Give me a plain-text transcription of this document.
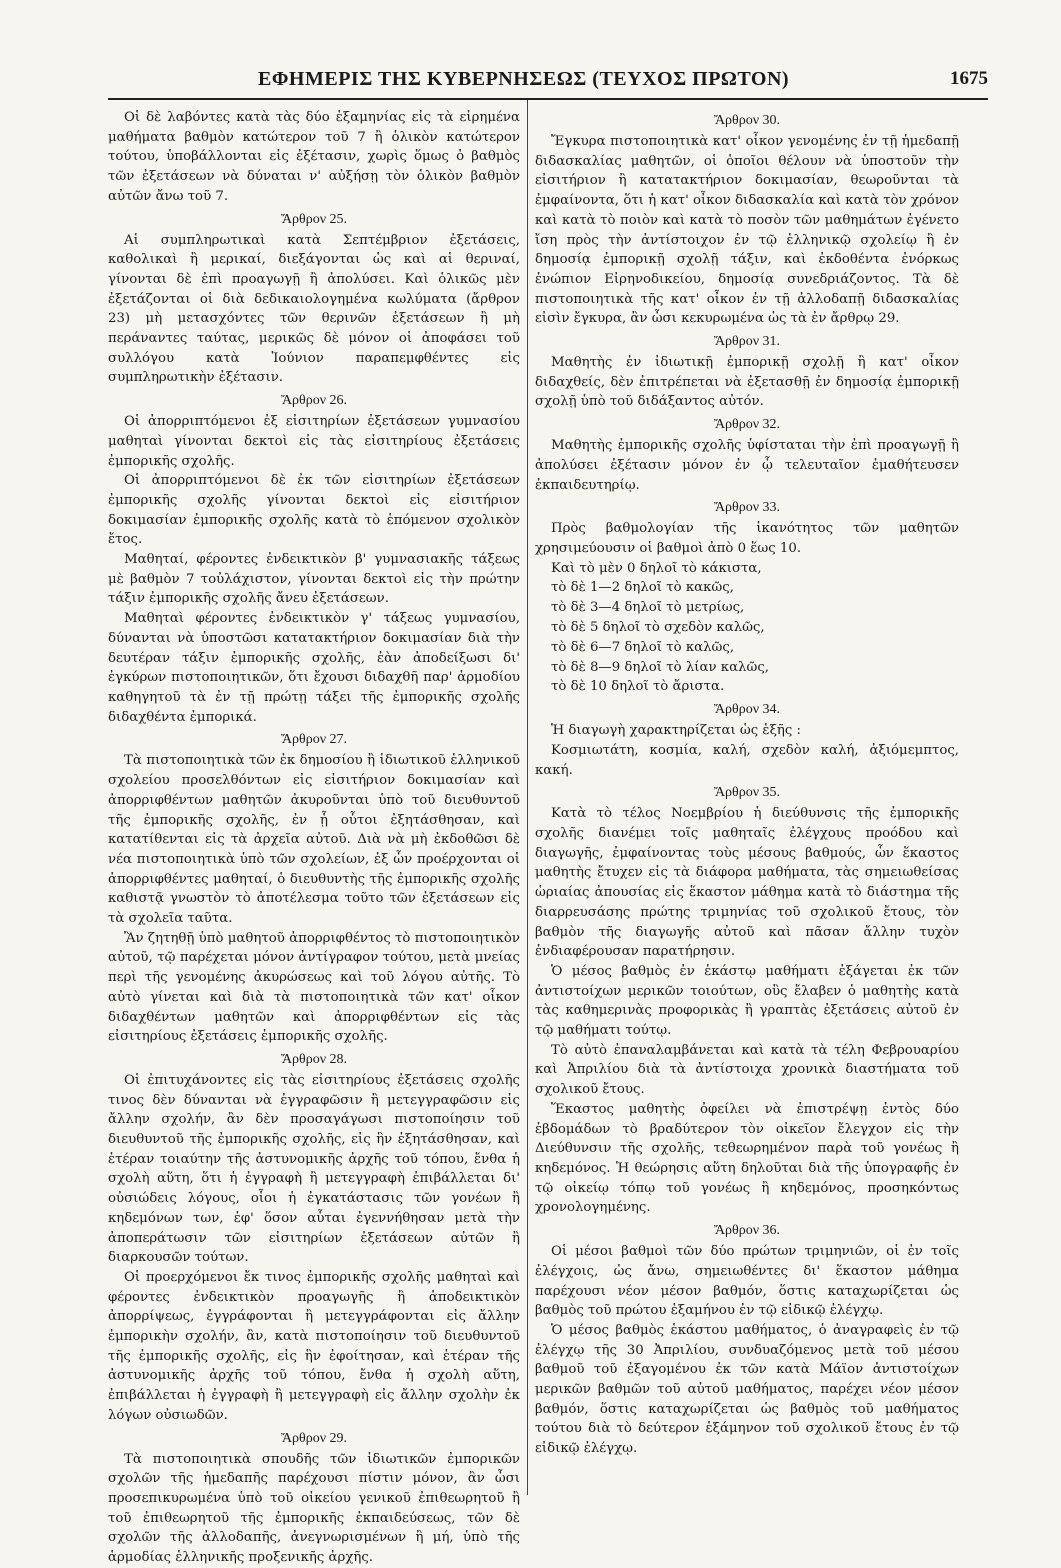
ΕΦΗΜΕΡΙΣ ΤΗΣ ΚΥΒΕΡΝΗΣΕΩΣ (ΤΕΥΧΟΣ ΠΡΩΤΟΝ)	1675

Οἱ δὲ λαβόντες κατὰ τὰς δύο ἑξαμηνίας εἰς τὰ εἰρημένα μαθήματα βαθμὸν κατώτερον τοῦ 7 ἢ ὁλικὸν κατώτερον τούτου, ὑποβάλλονται εἰς ἐξέτασιν, χωρὶς ὅμως ὁ βαθμὸς τῶν ἐξετάσεων νὰ δύναται ν' αὐξήσῃ τὸν ὁλικὸν βαθμὸν αὐτῶν ἄνω τοῦ 7.

Ἄρθρον 25.

Αἱ συμπληρωτικαὶ κατὰ Σεπτέμβριον ἐξετάσεις, καθολικαὶ ἢ μερικαί, διεξάγονται ὡς καὶ αἱ θεριναί, γίνονται δὲ ἐπὶ προαγωγῇ ἢ ἀπολύσει. Καὶ ὁλικῶς μὲν ἐξετάζονται οἱ διὰ δεδικαιολογημένα κωλύματα (ἄρθρον 23) μὴ μετασχόντες τῶν θερινῶν ἐξετάσεων ἢ μὴ περάναντες ταύτας, μερικῶς δὲ μόνον οἱ ἀποφάσει τοῦ συλλόγου κατὰ Ἰούνιον παραπεμφθέντες εἰς συμπληρωτικὴν ἐξέτασιν.

Ἄρθρον 26.

Οἱ ἀπορριπτόμενοι ἐξ εἰσιτηρίων ἐξετάσεων γυμνασίου μαθηταὶ γίνονται δεκτοὶ εἰς τὰς εἰσιτηρίους ἐξετάσεις ἐμπορικῆς σχολῆς.

Οἱ ἀπορριπτόμενοι δὲ ἐκ τῶν εἰσιτηρίων ἐξετάσεων ἐμπορικῆς σχολῆς γίνονται δεκτοὶ εἰς εἰσιτήριον δοκιμασίαν ἐμπορικῆς σχολῆς κατὰ τὸ ἑπόμενον σχολικὸν ἔτος.

Μαθηταί, φέροντες ἐνδεικτικὸν β' γυμνασιακῆς τάξεως μὲ βαθμὸν 7 τοὐλάχιστον, γίνονται δεκτοὶ εἰς τὴν πρώτην τάξιν ἐμπορικῆς σχολῆς ἄνευ ἐξετάσεων.

Μαθηταὶ φέροντες ἐνδεικτικὸν γ' τάξεως γυμνασίου, δύνανται νὰ ὑποστῶσι κατατακτήριον δοκιμασίαν διὰ τὴν δευτέραν τάξιν ἐμπορικῆς σχολῆς, ἐὰν ἀποδείξωσι δι' ἐγκύρων πιστοποιητικῶν, ὅτι ἔχουσι διδαχθῆ παρ' ἁρμοδίου καθηγητοῦ τὰ ἐν τῇ πρώτῃ τάξει τῆς ἐμπορικῆς σχολῆς διδαχθέντα ἐμπορικά.

Ἄρθρον 27.

Τὰ πιστοποιητικὰ τῶν ἐκ δημοσίου ἢ ἰδιωτικοῦ ἑλληνικοῦ σχολείου προσελθόντων εἰς εἰσιτήριον δοκιμασίαν καὶ ἀπορριφθέντων μαθητῶν ἀκυροῦνται ὑπὸ τοῦ διευθυντοῦ τῆς ἐμπορικῆς σχολῆς, ἐν ᾗ οὗτοι ἐξητάσθησαν, καὶ κατατίθενται εἰς τὰ ἀρχεῖα αὐτοῦ. Διὰ νὰ μὴ ἐκδοθῶσι δὲ νέα πιστοποιητικὰ ὑπὸ τῶν σχολείων, ἐξ ὧν προέρχονται οἱ ἀπορριφθέντες μαθηταί, ὁ διευθυντὴς τῆς ἐμπορικῆς σχολῆς καθιστᾷ γνωστὸν τὸ ἀποτέλεσμα τοῦτο τῶν ἐξετάσεων εἰς τὰ σχολεῖα ταῦτα.

Ἂν ζητηθῇ ὑπὸ μαθητοῦ ἀπορριφθέντος τὸ πιστοποιητικὸν αὐτοῦ, τῷ παρέχεται μόνον ἀντίγραφον τούτου, μετὰ μνείας περὶ τῆς γενομένης ἀκυρώσεως καὶ τοῦ λόγου αὐτῆς. Τὸ αὐτὸ γίνεται καὶ διὰ τὰ πιστοποιητικὰ τῶν κατ' οἶκον διδαχθέντων μαθητῶν καὶ ἀπορριφθέντων εἰς τὰς εἰσιτηρίους ἐξετάσεις ἐμπορικῆς σχολῆς.

Ἄρθρον 28.

Οἱ ἐπιτυχάνοντες εἰς τὰς εἰσιτηρίους ἐξετάσεις σχολῆς τινος δὲν δύνανται νὰ ἐγγραφῶσιν ἢ μετεγγραφῶσιν εἰς ἄλλην σχολήν, ἂν δὲν προσαγάγωσι πιστοποίησιν τοῦ διευθυντοῦ τῆς ἐμπορικῆς σχολῆς, εἰς ἣν ἐξητάσθησαν, καὶ ἑτέραν τοιαύτην τῆς ἀστυνομικῆς ἀρχῆς τοῦ τόπου, ἔνθα ἡ σχολὴ αὕτη, ὅτι ἡ ἐγγραφὴ ἢ μετεγγραφὴ ἐπιβάλλεται δι' οὐσιώδεις λόγους, οἷοι ἡ ἐγκατάστασις τῶν γονέων ἢ κηδεμόνων των, ἐφ' ὅσον αὗται ἐγεννήθησαν μετὰ τὴν ἀποπεράτωσιν τῶν εἰσιτηρίων ἐξετάσεων αὐτῶν ἢ διαρκουσῶν τούτων.

Οἱ προερχόμενοι ἔκ τινος ἐμπορικῆς σχολῆς μαθηταὶ καὶ φέροντες ἐνδεικτικὸν προαγωγῆς ἢ ἀποδεικτικὸν ἀπορρίψεως, ἐγγράφονται ἢ μετεγγράφονται εἰς ἄλλην ἐμπορικὴν σχολήν, ἂν, κατὰ πιστοποίησιν τοῦ διευθυντοῦ τῆς ἐμπορικῆς σχολῆς, εἰς ἣν ἐφοίτησαν, καὶ ἑτέραν τῆς ἀστυνομικῆς ἀρχῆς τοῦ τόπου, ἔνθα ἡ σχολὴ αὕτη, ἐπιβάλλεται ἡ ἐγγραφὴ ἢ μετεγγραφὴ εἰς ἄλλην σχολὴν ἐκ λόγων οὐσιωδῶν.

Ἄρθρον 29.

Τὰ πιστοποιητικὰ σπουδῆς τῶν ἰδιωτικῶν ἐμπορικῶν σχολῶν τῆς ἡμεδαπῆς παρέχουσι πίστιν μόνον, ἂν ὦσι προσεπικυρωμένα ὑπὸ τοῦ οἰκείου γενικοῦ ἐπιθεωρητοῦ ἢ τοῦ ἐπιθεωρητοῦ τῆς ἐμπορικῆς ἐκπαιδεύσεως, τῶν δὲ σχολῶν τῆς ἀλλοδαπῆς, ἀνεγνωρισμένων ἢ μή, ὑπὸ τῆς ἁρμοδίας ἑλληνικῆς προξενικῆς ἀρχῆς.

Ἄρθρον 30.

Ἔγκυρα πιστοποιητικὰ κατ' οἶκον γενομένης ἐν τῇ ἡμεδαπῇ διδασκαλίας μαθητῶν, οἱ ὁποῖοι θέλουν νὰ ὑποστοῦν τὴν εἰσιτήριον ἢ κατατακτήριον δοκιμασίαν, θεωροῦνται τὰ ἐμφαίνοντα, ὅτι ἡ κατ' οἶκον διδασκαλία καὶ κατὰ τὸν χρόνον καὶ κατὰ τὸ ποιὸν καὶ κατὰ τὸ ποσὸν τῶν μαθημάτων ἐγένετο ἴση πρὸς τὴν ἀντίστοιχον ἐν τῷ ἑλληνικῷ σχολείῳ ἢ ἐν δημοσίᾳ ἐμπορικῇ σχολῇ τάξιν, καὶ ἐκδοθέντα ἐνόρκως ἐνώπιον Εἰρηνοδικείου, δημοσίᾳ συνεδριάζοντος. Τὰ δὲ πιστοποιητικὰ τῆς κατ' οἶκον ἐν τῇ ἀλλοδαπῇ διδασκαλίας εἰσὶν ἔγκυρα, ἂν ὦσι κεκυρωμένα ὡς τὰ ἐν ἄρθρῳ 29.

Ἄρθρον 31.

Μαθητὴς ἐν ἰδιωτικῇ ἐμπορικῇ σχολῇ ἢ κατ' οἶκον διδαχθείς, δὲν ἐπιτρέπεται νὰ ἐξετασθῇ ἐν δημοσίᾳ ἐμπορικῇ σχολῇ ὑπὸ τοῦ διδάξαντος αὐτόν.

Ἄρθρον 32.

Μαθητὴς ἐμπορικῆς σχολῆς ὑφίσταται τὴν ἐπὶ προαγωγῇ ἢ ἀπολύσει ἐξέτασιν μόνον ἐν ᾧ τελευταῖον ἐμαθήτευσεν ἐκπαιδευτηρίῳ.

Ἄρθρον 33.

Πρὸς βαθμολογίαν τῆς ἱκανότητος τῶν μαθητῶν χρησιμεύουσιν οἱ βαθμοὶ ἀπὸ 0 ἕως 10.

Καὶ τὸ μὲν 0 δηλοῖ τὸ κάκιστα,
τὸ δὲ 1—2 δηλοῖ τὸ κακῶς,
τὸ δὲ 3—4 δηλοῖ τὸ μετρίως,
τὸ δὲ 5 δηλοῖ τὸ σχεδὸν καλῶς,
τὸ δὲ 6—7 δηλοῖ τὸ καλῶς,
τὸ δὲ 8—9 δηλοῖ τὸ λίαν καλῶς,
τὸ δὲ 10 δηλοῖ τὸ ἄριστα.
Ἄρθρον 34.

Ἡ διαγωγὴ χαρακτηρίζεται ὡς ἑξῆς :

Κοσμιωτάτη, κοσμία, καλή, σχεδὸν καλή, ἀξιόμεμπτος, κακή.

Ἄρθρον 35.

Κατὰ τὸ τέλος Νοεμβρίου ἡ διεύθυνσις τῆς ἐμπορικῆς σχολῆς διανέμει τοῖς μαθηταῖς ἐλέγχους προόδου καὶ διαγωγῆς, ἐμφαίνοντας τοὺς μέσους βαθμούς, ὧν ἕκαστος μαθητὴς ἔτυχεν εἰς τὰ διάφορα μαθήματα, τὰς σημειωθείσας ὡριαίας ἀπουσίας εἰς ἕκαστον μάθημα κατὰ τὸ διάστημα τῆς διαρρευσάσης πρώτης τριμηνίας τοῦ σχολικοῦ ἔτους, τὸν βαθμὸν τῆς διαγωγῆς αὐτοῦ καὶ πᾶσαν ἄλλην τυχὸν ἐνδιαφέρουσαν παρατήρησιν.

Ὁ μέσος βαθμὸς ἐν ἑκάστῳ μαθήματι ἐξάγεται ἐκ τῶν ἀντιστοίχων μερικῶν τοιούτων, οὓς ἔλαβεν ὁ μαθητὴς κατὰ τὰς καθημερινὰς προφορικὰς ἢ γραπτὰς ἐξετάσεις αὐτοῦ ἐν τῷ μαθήματι τούτῳ.

Τὸ αὐτὸ ἐπαναλαμβάνεται καὶ κατὰ τὰ τέλη Φεβρουαρίου καὶ Ἀπριλίου διὰ τὰ ἀντίστοιχα χρονικὰ διαστήματα τοῦ σχολικοῦ ἔτους.

Ἕκαστος μαθητὴς ὀφείλει νὰ ἐπιστρέψῃ ἐντὸς δύο ἑβδομάδων τὸ βραδύτερον τὸν οἰκεῖον ἔλεγχον εἰς τὴν Διεύθυνσιν τῆς σχολῆς, τεθεωρημένον παρὰ τοῦ γονέως ἢ κηδεμόνος. Ἡ θεώρησις αὕτη δηλοῦται διὰ τῆς ὑπογραφῆς ἐν τῷ οἰκείῳ τόπῳ τοῦ γονέως ἢ κηδεμόνος, προσηκόντως χρονολογημένης.

Ἄρθρον 36.

Οἱ μέσοι βαθμοὶ τῶν δύο πρώτων τριμηνιῶν, οἱ ἐν τοῖς ἐλέγχοις, ὡς ἄνω, σημειωθέντες δι' ἕκαστον μάθημα παρέχουσι νέον μέσον βαθμόν, ὅστις καταχωρίζεται ὡς βαθμὸς τοῦ πρώτου ἑξαμήνου ἐν τῷ εἰδικῷ ἐλέγχῳ.

Ὁ μέσος βαθμὸς ἑκάστου μαθήματος, ὁ ἀναγραφεὶς ἐν τῷ ἐλέγχῳ τῆς 30 Ἀπριλίου, συνδυαζόμενος μετὰ τοῦ μέσου βαθμοῦ τοῦ ἐξαγομένου ἐκ τῶν κατὰ Μάϊον ἀντιστοίχων μερικῶν βαθμῶν τοῦ αὐτοῦ μαθήματος, παρέχει νέον μέσον βαθμόν, ὅστις καταχωρίζεται ὡς βαθμὸς τοῦ μαθήματος τούτου διὰ τὸ δεύτερον ἑξάμηνον τοῦ σχολικοῦ ἔτους ἐν τῷ εἰδικῷ ἐλέγχῳ.
